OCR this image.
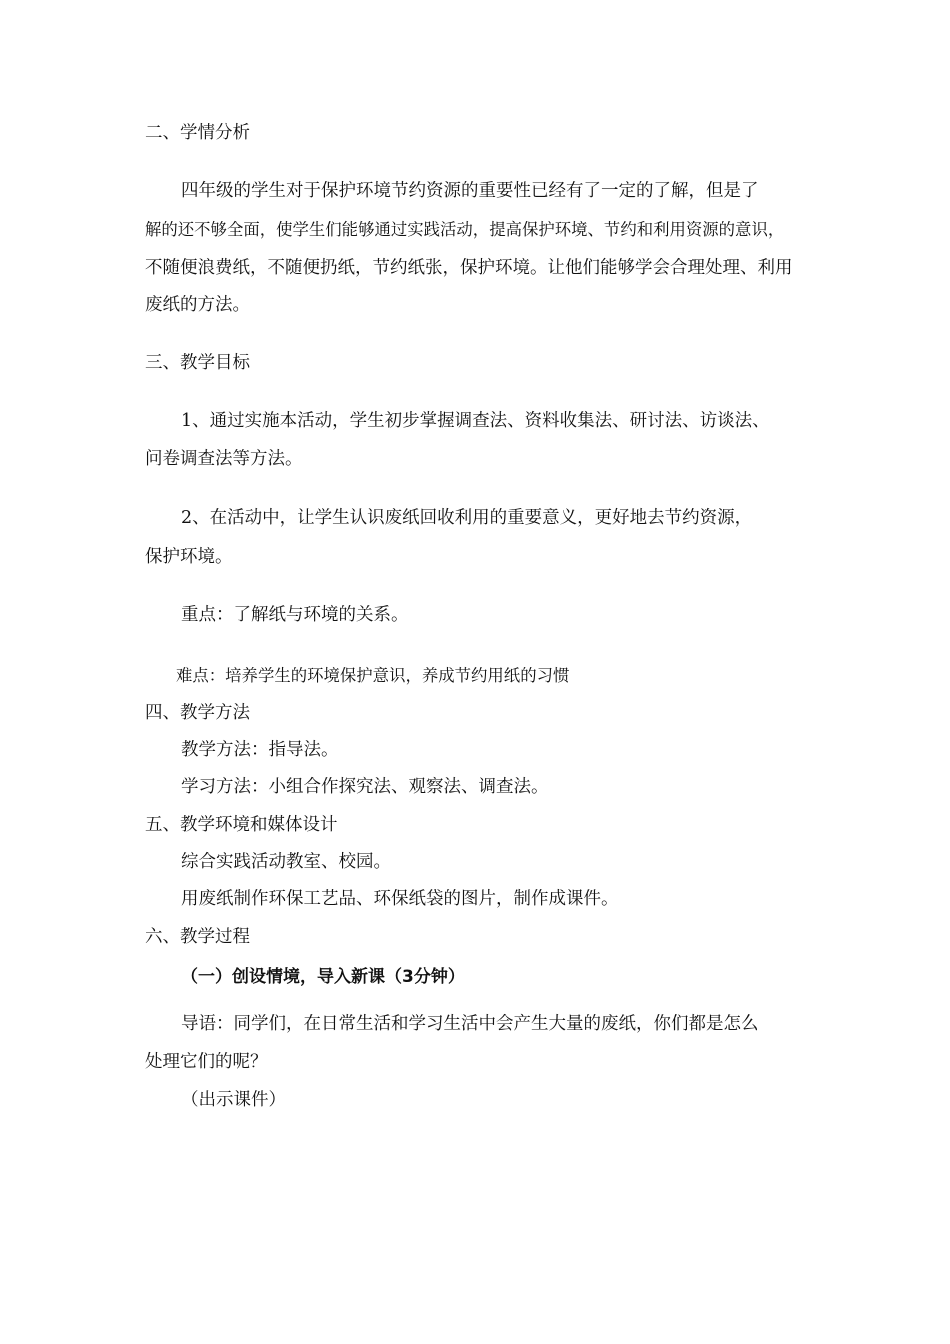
二、学情分析
四年级的学生对于保护环境节约资源的重要性已经有了一定的了解，但是了
解的还不够全面，使学生们能够通过实践活动，提高保护环境、节约和利用资源的意识，
不随便浪费纸，不随便扔纸，节约纸张，保护环境。让他们能够学会合理处理、利用
废纸的方法。
三、教学目标
1、通过实施本活动，学生初步掌握调查法、资料收集法、研讨法、访谈法、
问卷调查法等方法。
2、在活动中，让学生认识废纸回收利用的重要意义，更好地去节约资源，
保护环境。
重点：了解纸与环境的关系。
难点：培养学生的环境保护意识，养成节约用纸的习惯
四、教学方法
教学方法：指导法。
学习方法：小组合作探究法、观察法、调查法。
五、教学环境和媒体设计
综合实践活动教室、校园。
用废纸制作环保工艺品、环保纸袋的图片，制作成课件。
六、教学过程
（一）创设情境，导入新课（3分钟）
导语：同学们，在日常生活和学习生活中会产生大量的废纸，你们都是怎么
处理它们的呢？
（出示课件）
